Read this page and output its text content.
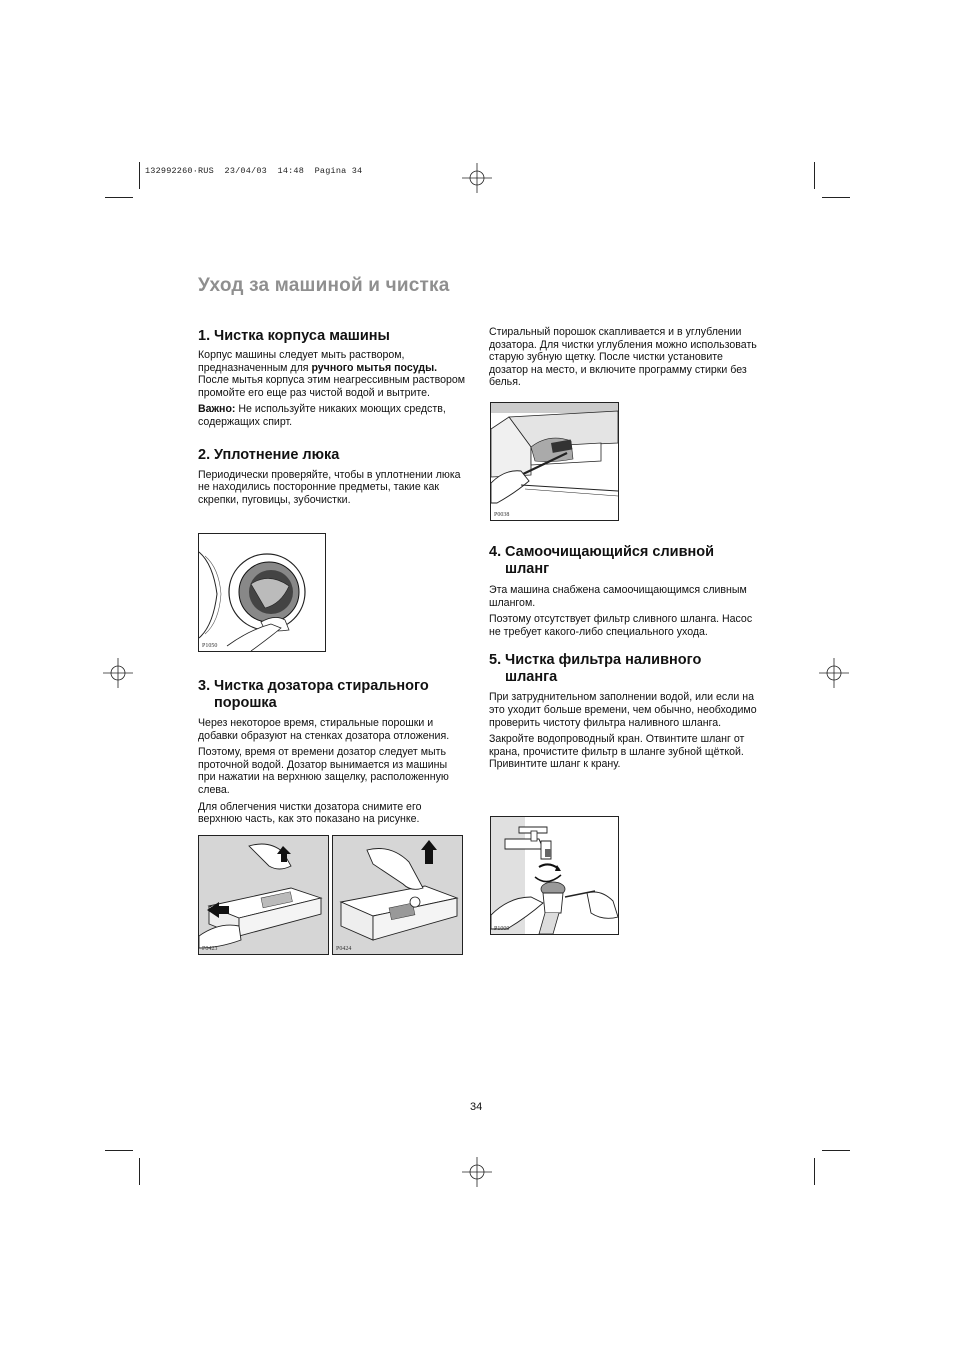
132992260·RUS  23/04/03  14:48  Pagina 34
Уход за машиной и чистка

1. Чистка корпуса машины

Корпус машины следует мыть раствором, предназначенным для ручного мытья посуды. После мытья корпуса этим неагрессивным раствором промойте его еще раз чистой водой и вытрите.

Важно: Не используйте никаких моющих средств, содержащих спирт.

2. Уплотнение люка

Периодически проверяйте, чтобы в уплотнении люка не находились посторонние предметы, такие как скрепки, пуговицы, зубочистки.

P1050

3. Чистка дозатора стирального
порошка

Через некоторое время, стиральные порошки и добавки образуют на стенках дозатора отложения.

Поэтому, время от времени дозатор следует мыть проточной водой. Дозатор вынимается из машины при нажатии на верхнюю защелку, расположенную слева.

Для облегчения чистки дозатора снимите его верхнюю часть, как это показано на рисунке.

P0423	P0424

Стиральный порошок скапливается и в углублении дозатора. Для чистки углубления можно использовать старую зубную щетку. После чистки установите дозатор на место, и включите программу стирки без белья.

P0038

4. Самоочищающийся сливной
шланг

Эта машина снабжена самоочищающимся сливным шлангом.

Поэтому отсутствует фильтр сливного шланга. Насос не требует какого-либо специального ухода.

5. Чистка фильтра наливного
шланга

При затруднительном заполнении водой, или если на это уходит больше времени, чем обычно, необходимо проверить чистоту фильтра наливного шланга.

Закройте водопроводный кран. Отвинтите шланг от крана, прочистите фильтр в шланге зубной щёткой. Привинтите шланг к крану.

P1000
34
